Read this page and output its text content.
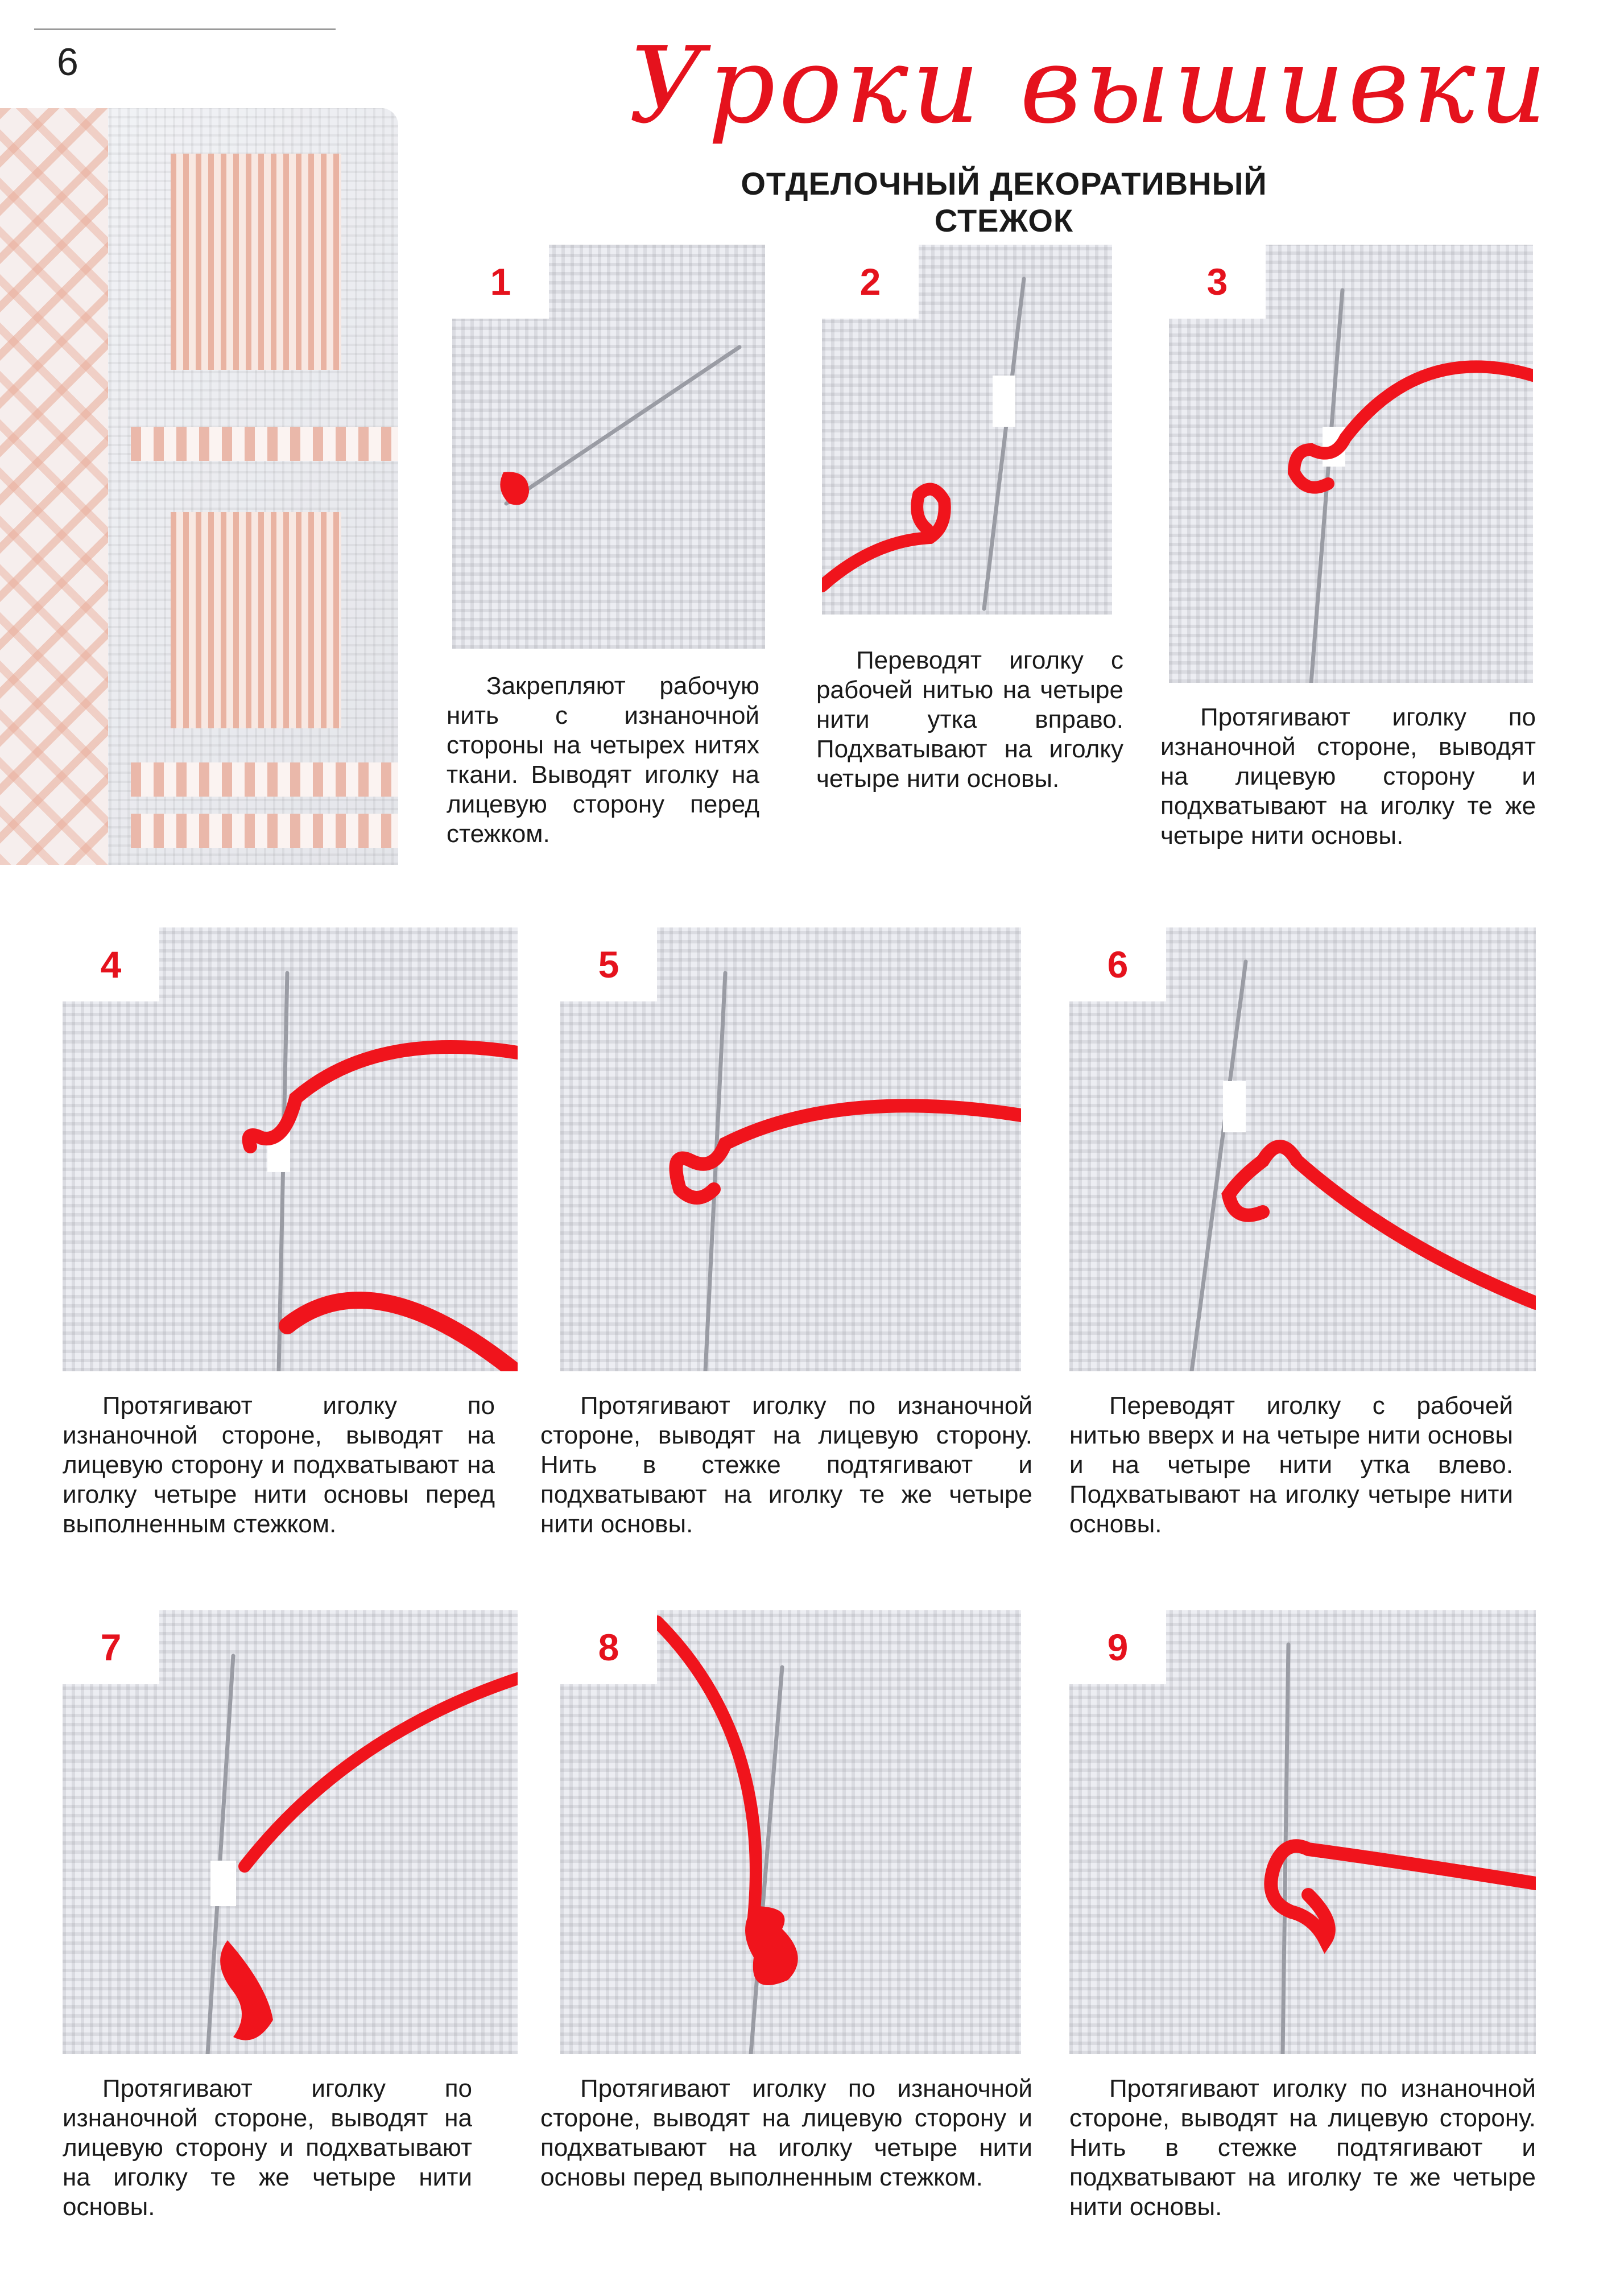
6	Уроки вышивки
ОТДЕЛОЧНЫЙ ДЕКОРАТИВНЫЙ СТЕЖОК
1
Закрепляют рабочую нить с изнаночной стороны на четырех нитях ткани. Выводят иголку на лицевую сторону перед стежком.
2
Переводят иголку с рабочей нитью на четыре нити утка вправо. Подхватывают на иголку четыре нити основы.
3
Протягивают иголку по изнаночной стороне, выводят на лицевую сторону и подхватывают на иголку те же четыре нити основы.
4
Протягивают иголку по изнаночной стороне, выводят на лицевую сторону и подхватывают на иголку четыре нити основы перед выполненным стежком.
5
Протягивают иголку по изнаночной стороне, выводят на лицевую сторону. Нить в стежке подтягивают и подхватывают на иголку те же четыре нити основы.
6
Переводят иголку с рабочей нитью вверх и на четыре нити основы и на четыре нити утка влево. Подхватывают на иголку четыре нити основы.
7
Протягивают иголку по изнаночной стороне, выводят на лицевую сторону и подхватывают на иголку те же четыре нити основы.
8
Протягивают иголку по изнаночной стороне, выводят на лицевую сторону и подхватывают на иголку четыре нити основы перед выполненным стежком.
9
Протягивают иголку по изнаночной стороне, выводят на лицевую сторону. Нить в стежке подтягивают и подхватывают на иголку те же четыре нити основы.
